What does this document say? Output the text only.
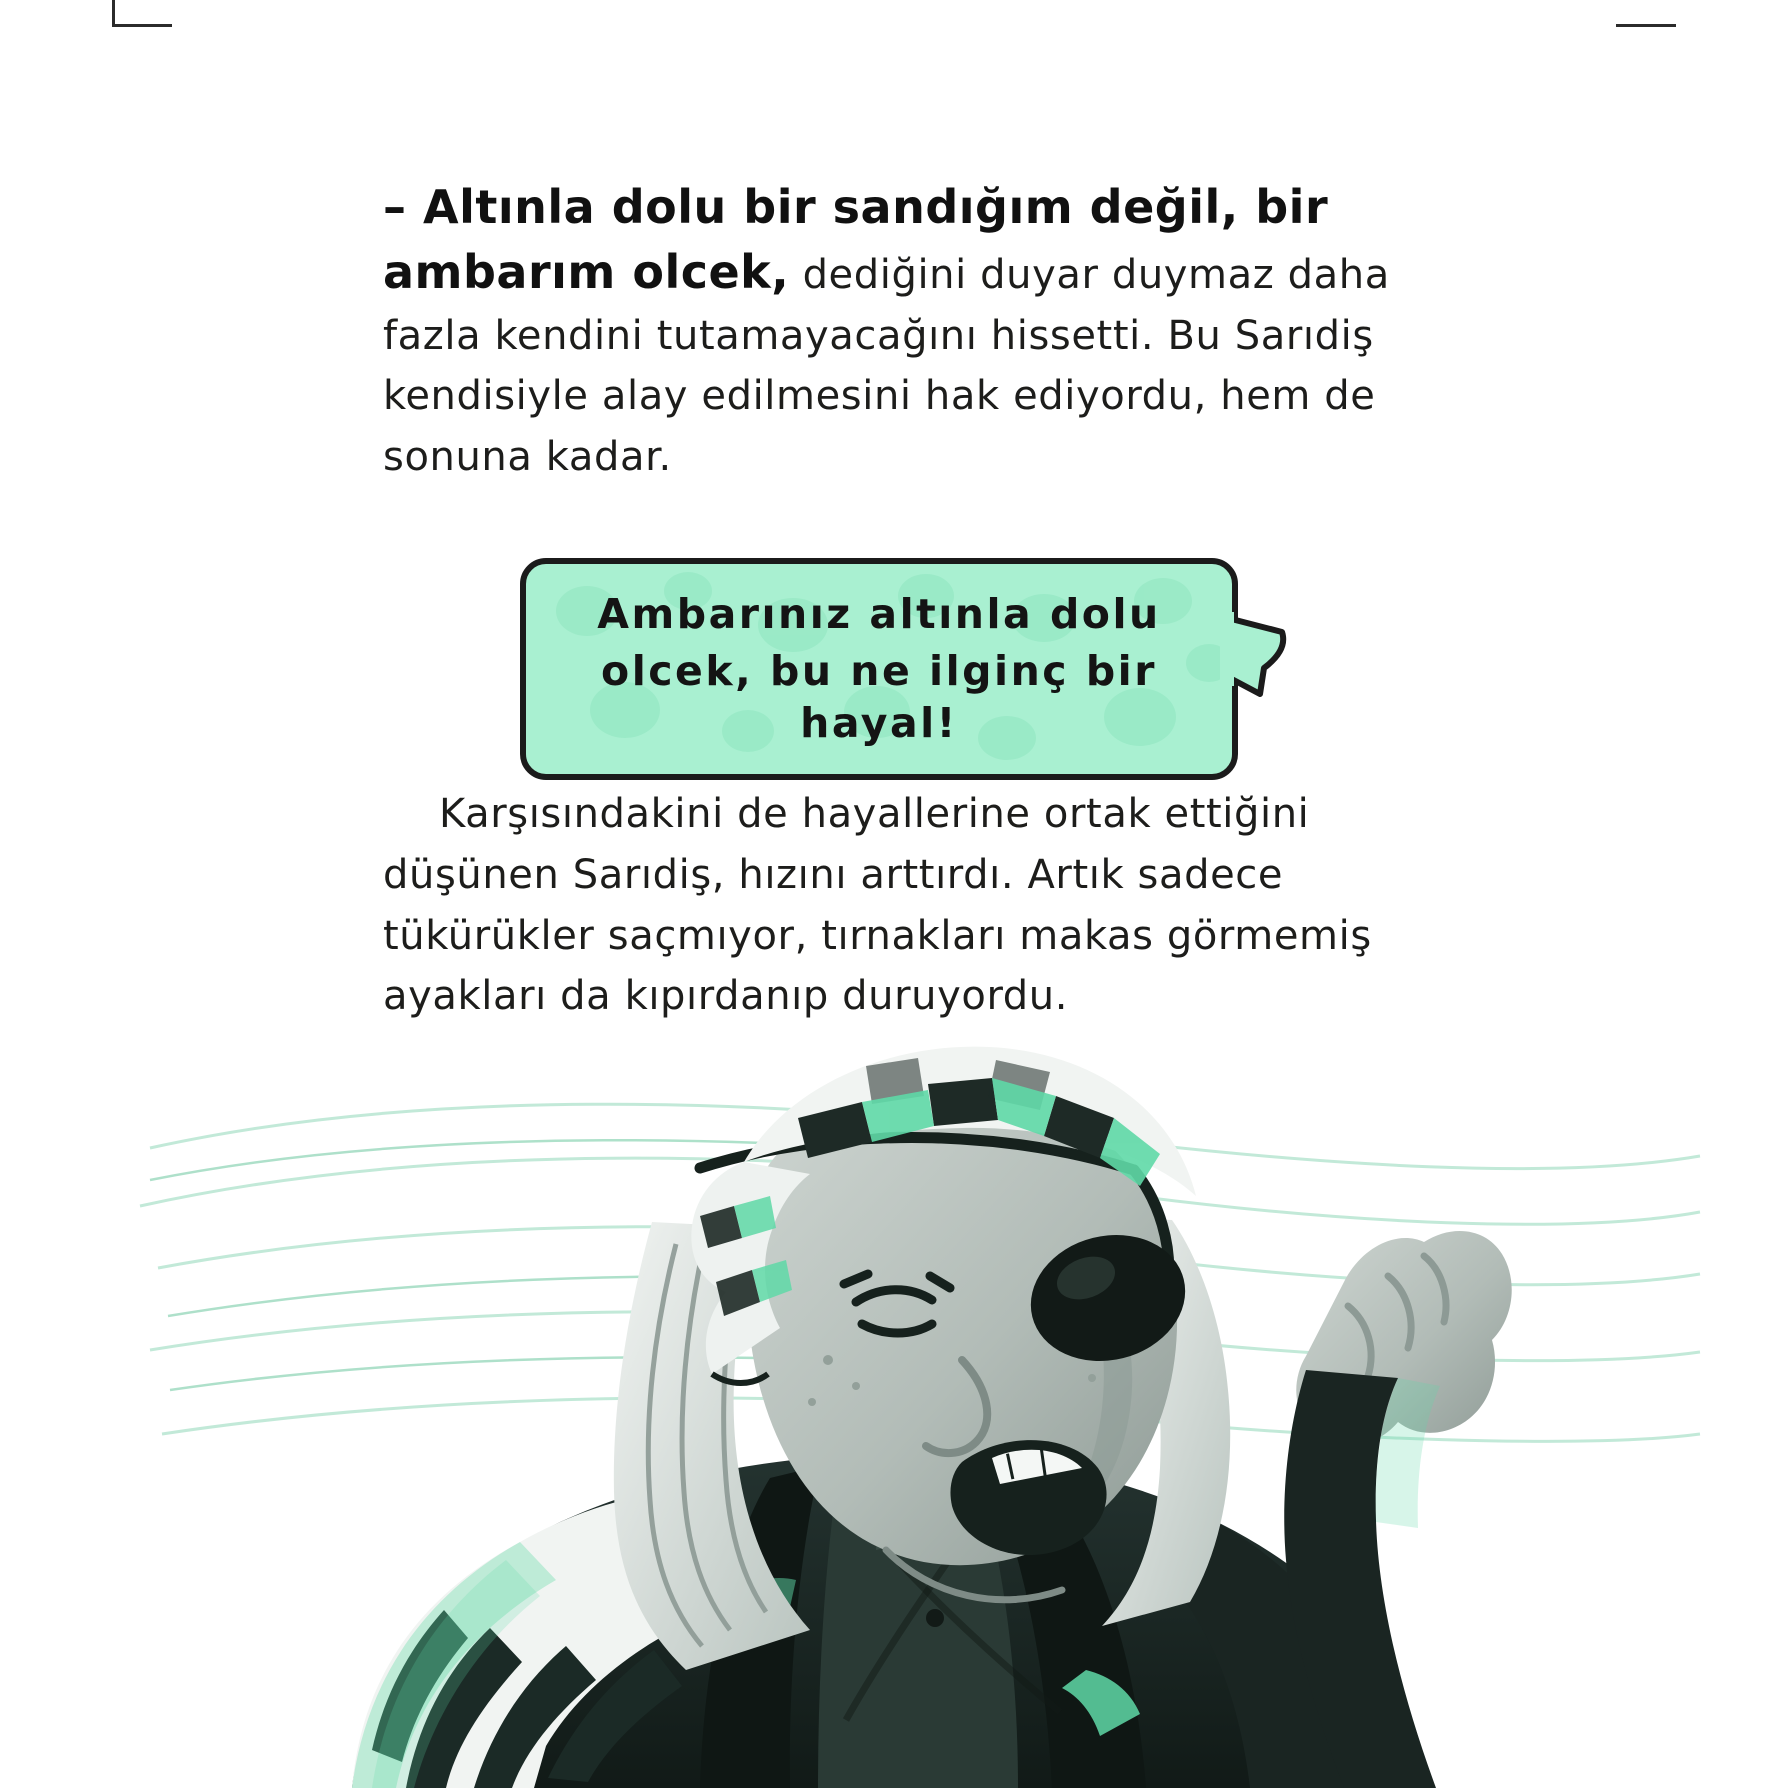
– Altınla dolu bir sandığım değil, bir ambarım olcek, dediğini duyar duymaz daha fazla kendini tutamayacağını hissetti. Bu Sarıdiş kendisiyle alay edilmesini hak ediyordu, hem de sonuna kadar.

Karşısındakini de hayallerine ortak ettiğini düşünen Sarıdiş, hızını arttırdı. Artık sadece tükürükler saçmıyor, tırnakları makas görmemiş ayakları da kıpırdanıp duruyordu.

Ambarınız altınla dolu
olcek, bu ne ilginç bir hayal!
